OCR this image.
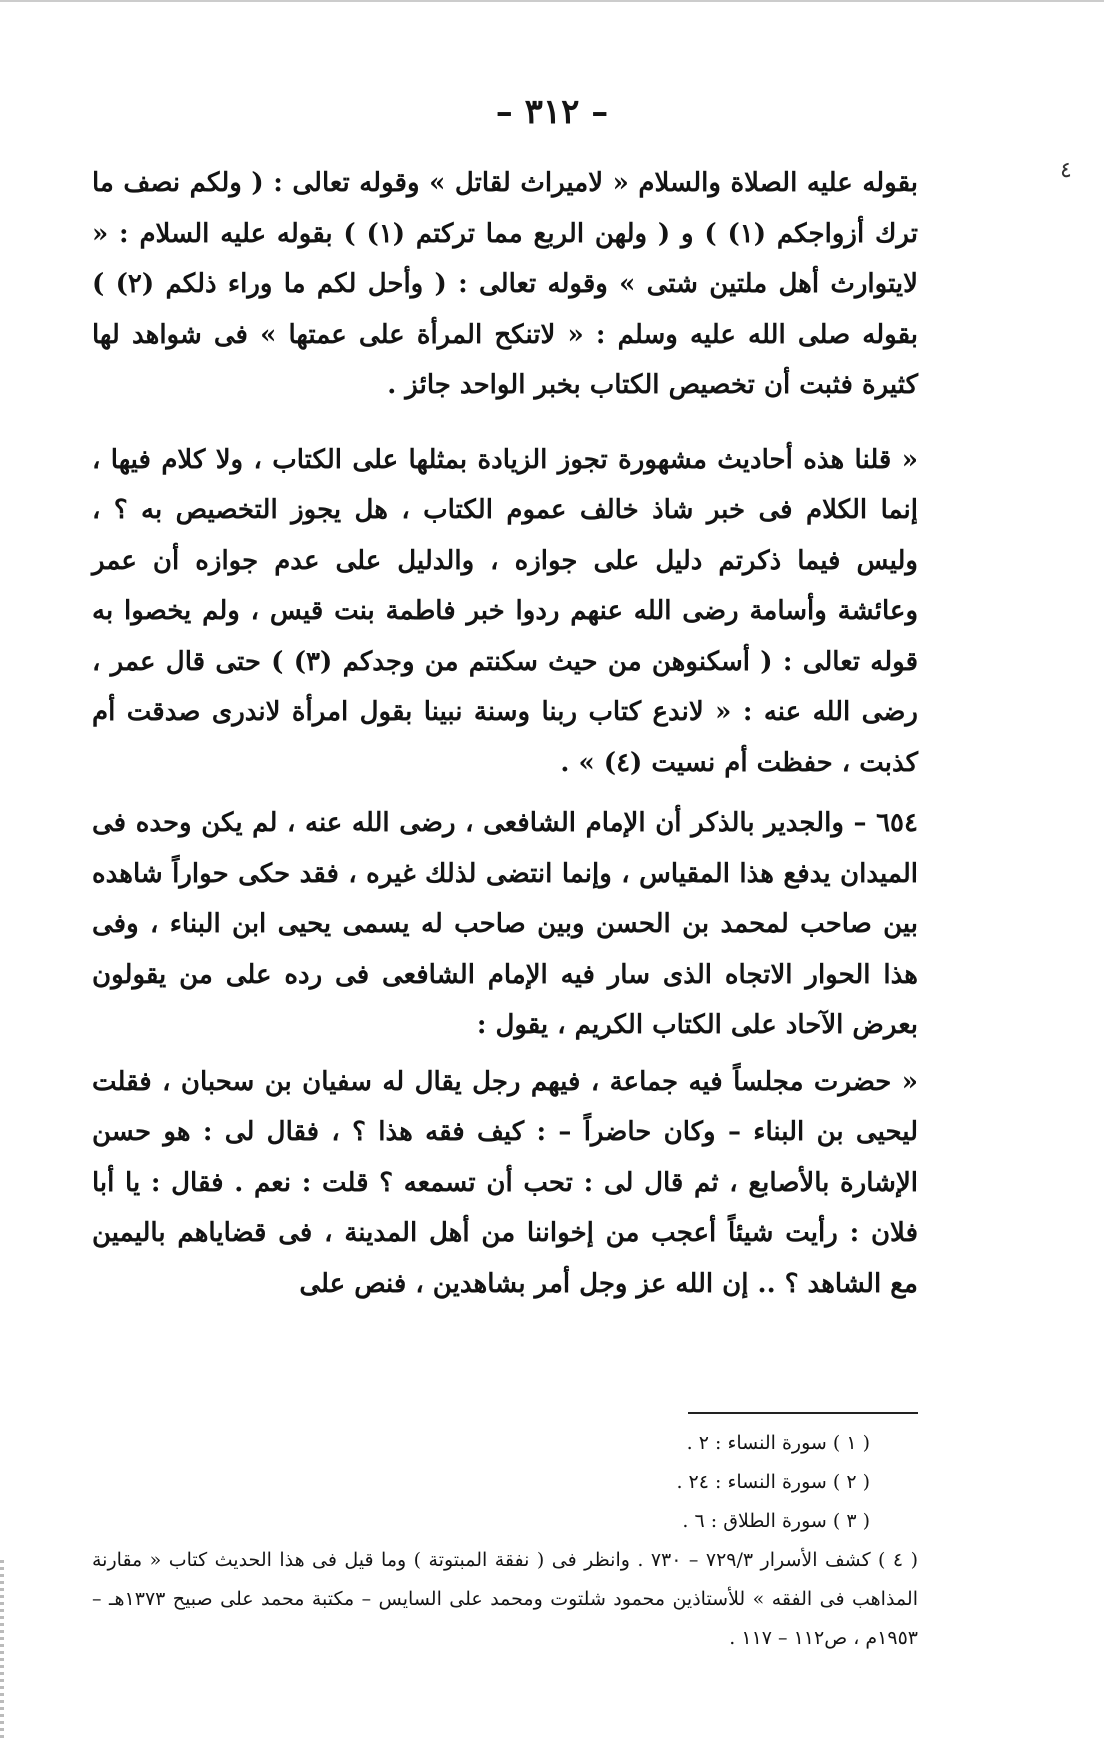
– ٣١٢ –
٤

بقوله عليه الصلاة والسلام « لاميراث لقاتل » وقوله تعالى : ( ولكم نصف ما ترك أزواجكم (١) ) و ( ولهن الربع مما تركتم (١) ) بقوله عليه السلام : « لايتوارث أهل ملتين شتى » وقوله تعالى : ( وأحل لكم ما وراء ذلكم (٢) ) بقوله صلى الله عليه وسلم : « لاتنكح المرأة على عمتها » فى شواهد لها كثيرة فثبت أن تخصيص الكتاب بخبر الواحد جائز .

« قلنا هذه أحاديث مشهورة تجوز الزيادة بمثلها على الكتاب ، ولا كلام فيها ، إنما الكلام فى خبر شاذ خالف عموم الكتاب ، هل يجوز التخصيص به ؟ ، وليس فيما ذكرتم دليل على جوازه ، والدليل على عدم جوازه أن عمر وعائشة وأسامة رضى الله عنهم ردوا خبر فاطمة بنت قيس ، ولم يخصوا به قوله تعالى : ( أسكنوهن من حيث سكنتم من وجدكم (٣) ) حتى قال عمر ، رضى الله عنه : « لاندع كتاب ربنا وسنة نبينا بقول امرأة لاندرى صدقت أم كذبت ، حفظت أم نسيت (٤) » .

٦٥٤ – والجدير بالذكر أن الإمام الشافعى ، رضى الله عنه ، لم يكن وحده فى الميدان يدفع هذا المقياس ، وإنما انتضى لذلك غيره ، فقد حكى حواراً شاهده بين صاحب لمحمد بن الحسن وبين صاحب له يسمى يحيى ابن البناء ، وفى هذا الحوار الاتجاه الذى سار فيه الإمام الشافعى فى رده على من يقولون بعرض الآحاد على الكتاب الكريم ، يقول :

« حضرت مجلساً فيه جماعة ، فيهم رجل يقال له سفيان بن سحبان ، فقلت ليحيى بن البناء – وكان حاضراً – : كيف فقه هذا ؟ ، فقال لى : هو حسن الإشارة بالأصابع ، ثم قال لى : تحب أن تسمعه ؟ قلت : نعم . فقال : يا أبا فلان : رأيت شيئاً أعجب من إخواننا من أهل المدينة ، فى قضاياهم باليمين مع الشاهد ؟ .. إن الله عز وجل أمر بشاهدين ، فنص على

( ١ ) سورة النساء : ٢ .

( ٢ ) سورة النساء : ٢٤ .

( ٣ ) سورة الطلاق : ٦ .

( ٤ ) كشف الأسرار ٧٢٩/٣ – ٧٣٠ . وانظر فى ( نفقة المبتوتة ) وما قيل فى هذا الحديث كتاب « مقارنة المذاهب فى الفقه » للأستاذين محمود شلتوت ومحمد على السايس – مكتبة محمد على صبيح ١٣٧٣هـ – ١٩٥٣م ، ص١١٢ – ١١٧ .
